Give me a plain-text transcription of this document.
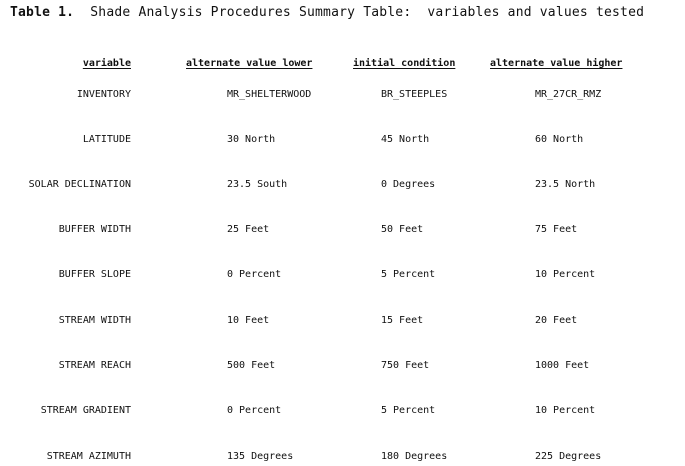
Table 1. Shade Analysis Procedures Summary Table:  variables and values tested
variable	alternate value lower	initial condition	alternate value higher
INVENTORY	MR_SHELTERWOOD	BR_STEEPLES	MR_27CR_RMZ
LATITUDE	30 North	45 North	60 North
SOLAR DECLINATION	23.5 South	0 Degrees	23.5 North
BUFFER WIDTH	25 Feet	50 Feet	75 Feet
BUFFER SLOPE	0 Percent	5 Percent	10 Percent
STREAM WIDTH	10 Feet	15 Feet	20 Feet
STREAM REACH	500 Feet	750 Feet	1000 Feet
STREAM GRADIENT	0 Percent	5 Percent	10 Percent
STREAM AZIMUTH	135 Degrees	180 Degrees	225 Degrees
